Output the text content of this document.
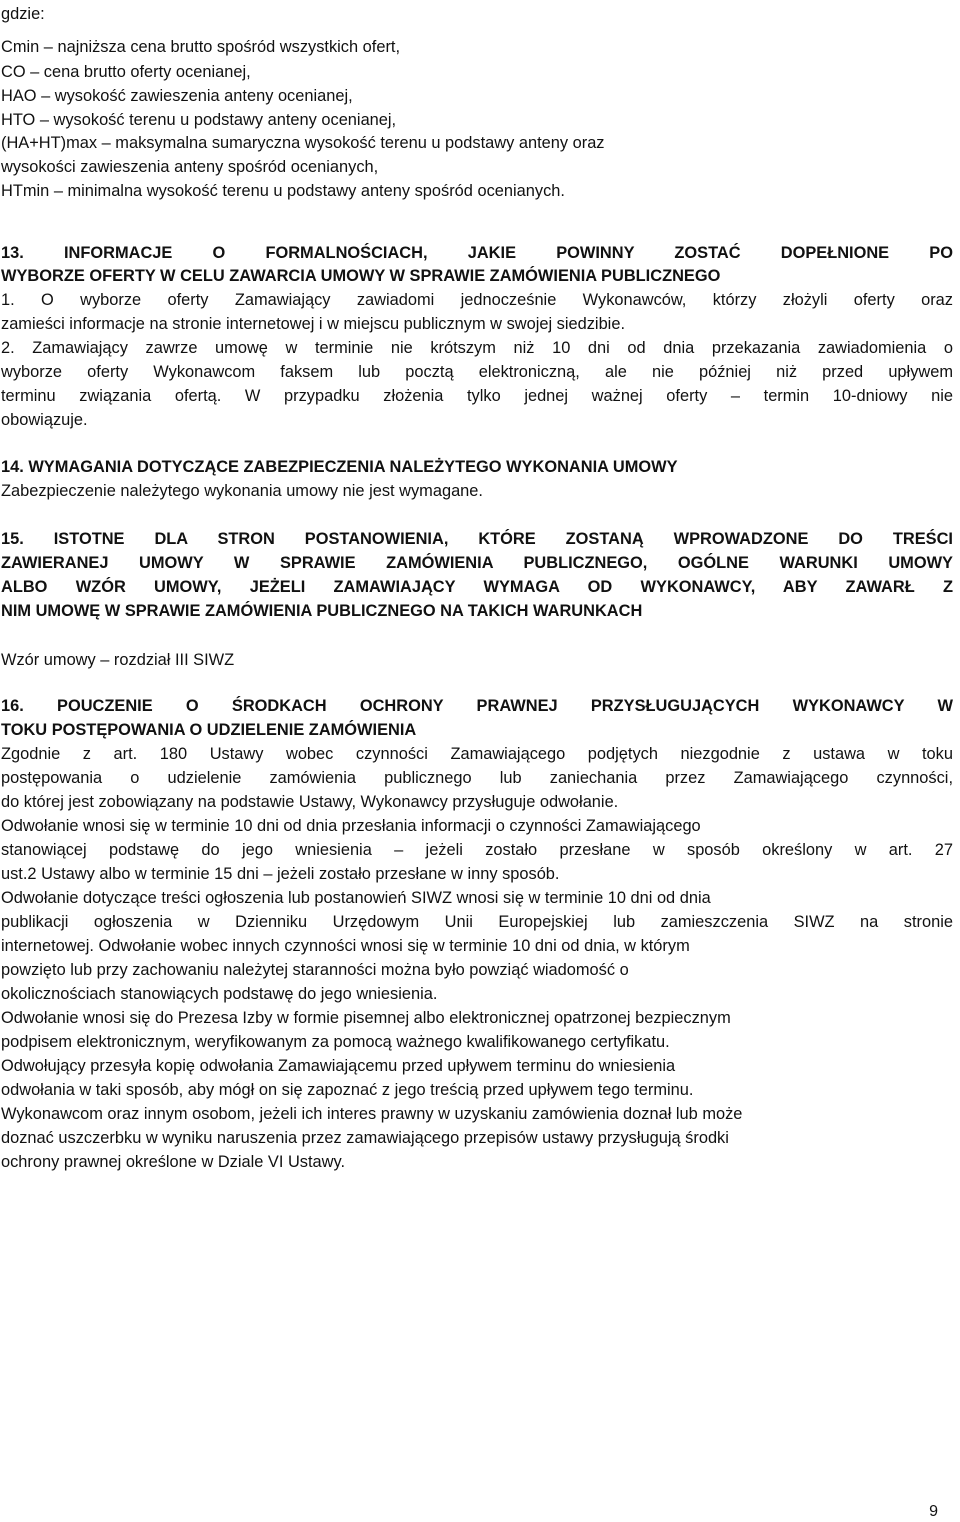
gdzie:

Cmin – najniższa cena brutto spośród wszystkich ofert,

CO – cena brutto oferty ocenianej,

HAO – wysokość zawieszenia anteny ocenianej,

HTO – wysokość terenu u podstawy anteny ocenianej,

(HA+HT)max – maksymalna sumaryczna wysokość terenu u podstawy anteny oraz

wysokości zawieszenia anteny spośród ocenianych,

HTmin – minimalna wysokość terenu u podstawy anteny spośród ocenianych.

13. INFORMACJE O FORMALNOŚCIACH, JAKIE POWINNY ZOSTAĆ DOPEŁNIONE PO

WYBORZE OFERTY W CELU ZAWARCIA UMOWY W SPRAWIE ZAMÓWIENIA PUBLICZNEGO

1. O wyborze oferty Zamawiający zawiadomi jednocześnie Wykonawców, którzy złożyli oferty oraz

zamieści informacje na stronie internetowej i w miejscu publicznym w swojej siedzibie.

2. Zamawiający zawrze umowę w terminie nie krótszym niż 10 dni od dnia przekazania zawiadomienia o

wyborze oferty Wykonawcom faksem lub pocztą elektroniczną, ale nie później niż przed upływem

terminu związania ofertą. W przypadku złożenia tylko jednej ważnej oferty – termin 10-dniowy nie

obowiązuje.

14. WYMAGANIA DOTYCZĄCE ZABEZPIECZENIA NALEŻYTEGO WYKONANIA UMOWY

Zabezpieczenie należytego wykonania umowy nie jest wymagane.

15. ISTOTNE DLA STRON POSTANOWIENIA, KTÓRE ZOSTANĄ WPROWADZONE DO TREŚCI

ZAWIERANEJ UMOWY W SPRAWIE ZAMÓWIENIA PUBLICZNEGO, OGÓLNE WARUNKI UMOWY

ALBO WZÓR UMOWY, JEŻELI ZAMAWIAJĄCY WYMAGA OD WYKONAWCY, ABY ZAWARŁ Z

NIM UMOWĘ W SPRAWIE ZAMÓWIENIA PUBLICZNEGO NA TAKICH WARUNKACH

Wzór umowy – rozdział III SIWZ

16. POUCZENIE O ŚRODKACH OCHRONY PRAWNEJ PRZYSŁUGUJĄCYCH WYKONAWCY W

TOKU POSTĘPOWANIA O UDZIELENIE ZAMÓWIENIA

Zgodnie z art. 180 Ustawy wobec czynności Zamawiającego podjętych niezgodnie z ustawa w toku

postępowania o udzielenie zamówienia publicznego lub zaniechania przez Zamawiającego czynności,

do której jest zobowiązany na podstawie Ustawy, Wykonawcy przysługuje odwołanie.

Odwołanie wnosi się w terminie 10 dni od dnia przesłania informacji o czynności Zamawiającego

stanowiącej podstawę do jego wniesienia – jeżeli zostało przesłane w sposób określony w art. 27

ust.2 Ustawy albo w terminie 15 dni – jeżeli zostało przesłane w inny sposób.

Odwołanie dotyczące treści ogłoszenia lub postanowień SIWZ wnosi się w terminie 10 dni od dnia

publikacji ogłoszenia w Dzienniku Urzędowym Unii Europejskiej lub zamieszczenia SIWZ na stronie

internetowej. Odwołanie wobec innych czynności wnosi się w terminie 10 dni od dnia, w którym

powzięto lub przy zachowaniu należytej staranności można było powziąć wiadomość o

okolicznościach stanowiących podstawę do jego wniesienia.

Odwołanie wnosi się do Prezesa Izby w formie pisemnej albo elektronicznej opatrzonej bezpiecznym

podpisem elektronicznym, weryfikowanym za pomocą ważnego kwalifikowanego certyfikatu.

Odwołujący przesyła kopię odwołania Zamawiającemu przed upływem terminu do wniesienia

odwołania w taki sposób, aby mógł on się zapoznać z jego treścią przed upływem tego terminu.

Wykonawcom oraz innym osobom, jeżeli ich interes prawny w uzyskaniu zamówienia doznał lub może

doznać uszczerbku w wyniku naruszenia przez zamawiającego przepisów ustawy przysługują środki

ochrony prawnej określone w Dziale VI Ustawy.

9
